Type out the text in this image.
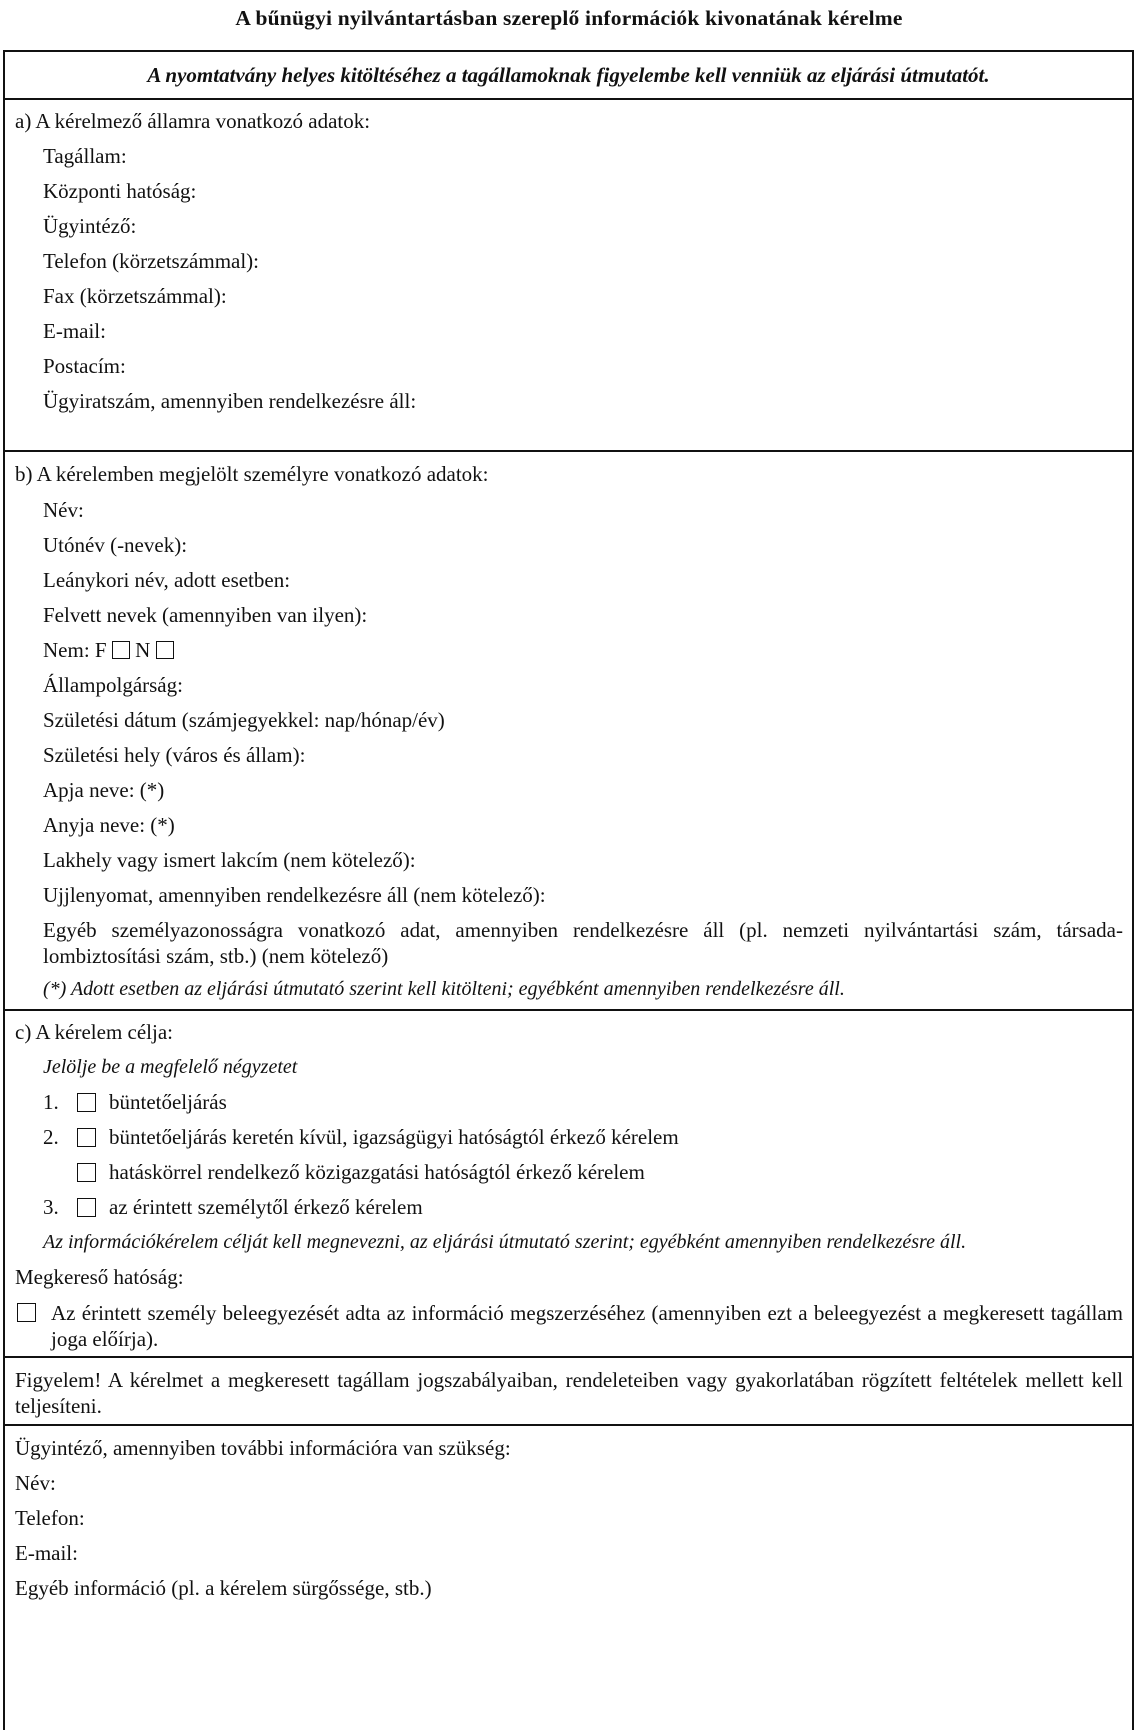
A bűnügyi nyilvántartásban szereplő információk kivonatának kérelme
A nyomtatvány helyes kitöltéséhez a tagállamoknak figyelembe kell venniük az eljárási útmutatót.
a) A kérelmező államra vonatkozó adatok:
Tagállam:
Központi hatóság:
Ügyintéző:
Telefon (körzetszámmal):
Fax (körzetszámmal):
E-mail:
Postacím:
Ügyiratszám, amennyiben rendelkezésre áll:
b) A kérelemben megjelölt személyre vonatkozó adatok:
Név:
Utónév (-nevek):
Leánykori név, adott esetben:
Felvett nevek (amennyiben van ilyen):
Nem: F N
Állampolgárság:
Születési dátum (számjegyekkel: nap/hónap/év)
Születési hely (város és állam):
Apja neve: (*)
Anyja neve: (*)
Lakhely vagy ismert lakcím (nem kötelező):
Ujjlenyomat, amennyiben rendelkezésre áll (nem kötelező):
Egyéb személyazonosságra vonatkozó adat, amennyiben rendelkezésre áll (pl. nemzeti nyilvántartási szám, társadalombiztosítási szám, stb.) (nem kötelező)
(*) Adott esetben az eljárási útmutató szerint kell kitölteni; egyébként amennyiben rendelkezésre áll.
c) A kérelem célja:
Jelölje be a megfelelő négyzetet
1. büntetőeljárás
2. büntetőeljárás keretén kívül, igazságügyi hatóságtól érkező kérelem
hatáskörrel rendelkező közigazgatási hatóságtól érkező kérelem
3. az érintett személytől érkező kérelem
Az információkérelem célját kell megnevezni, az eljárási útmutató szerint; egyébként amennyiben rendelkezésre áll.
Megkereső hatóság:
Az érintett személy beleegyezését adta az információ megszerzéséhez (amennyiben ezt a beleegyezést a megkeresett tagállam joga előírja).
Figyelem! A kérelmet a megkeresett tagállam jogszabályaiban, rendeleteiben vagy gyakorlatában rögzített feltételek mellett kell teljesíteni.
Ügyintéző, amennyiben további információra van szükség:
Név:
Telefon:
E-mail:
Egyéb információ (pl. a kérelem sürgőssége, stb.)
